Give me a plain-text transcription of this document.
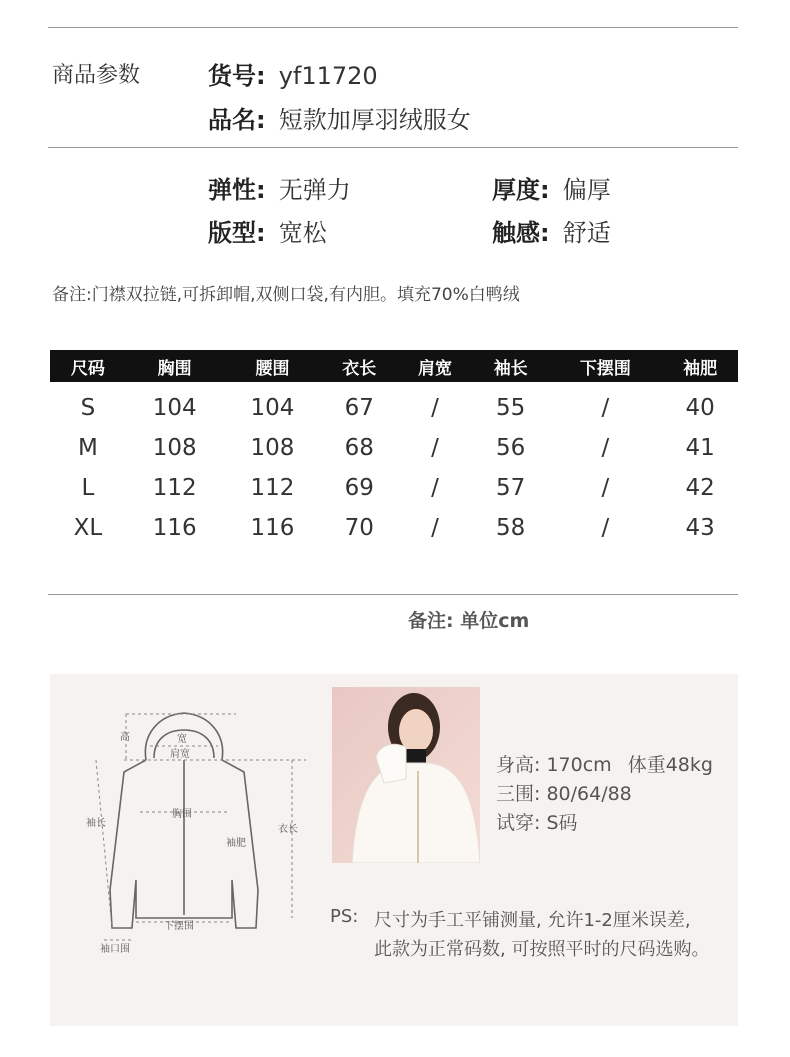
商品参数	货号: yf11720
品名: 短款加厚羽绒服女
弹性: 无弹力	厚度: 偏厚
版型: 宽松	触感: 舒适
备注:门襟双拉链,可拆卸帽,双侧口袋,有内胆。填充70%白鸭绒
尺码	胸围	腰围	衣长	肩宽	袖长	下摆围	袖肥
S	104	104	67	/	55	/	40
M	108	108	68	/	56	/	41
L	112	112	69	/	57	/	42
XL	116	116	70	/	58	/	43
备注: 单位cm
高	宽
肩宽
袖长
胸围
袖肥
衣长
下摆围
袖口围
身高: 170cm 体重48kg
三围: 80/64/88
试穿: S码
PS: 尺寸为手工平铺测量, 允许1-2厘米误差,
此款为正常码数, 可按照平时的尺码选购。
